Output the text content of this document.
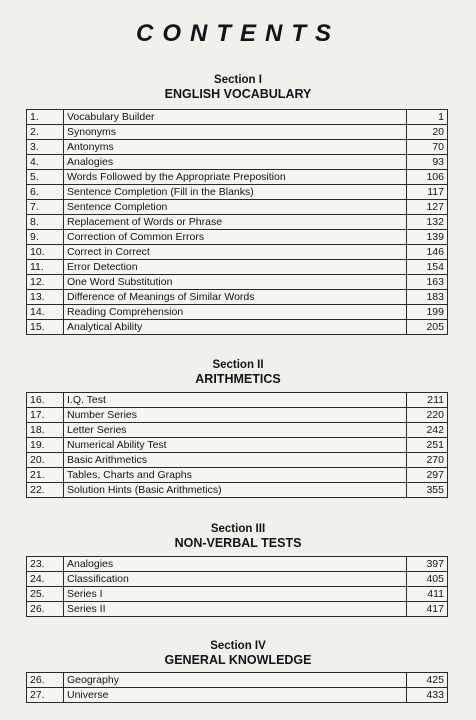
CONTENTS
Section I
ENGLISH VOCABULARY
1.	Vocabulary Builder	1
2.	Synonyms	20
3.	Antonyms	70
4.	Analogies	93
5.	Words Followed by the Appropriate Preposition	106
6.	Sentence Completion (Fill in the Blanks)	117
7.	Sentence Completion	127
8.	Replacement of Words or Phrase	132
9.	Correction of Common Errors	139
10.	Correct in Correct	146
11.	Error Detection	154
12.	One Word Substitution	163
13.	Difference of Meanings of Similar Words	183
14.	Reading Comprehension	199
15.	Analytical Ability	205
Section II
ARITHMETICS
16.	I.Q. Test	211
17.	Number Series	220
18.	Letter Series	242
19.	Numerical Ability Test	251
20.	Basic Arithmetics	270
21.	Tables, Charts and Graphs	297
22.	Solution Hints (Basic Arithmetics)	355
Section III
NON-VERBAL TESTS
23.	Analogies	397
24.	Classification	405
25.	Series I	411
26.	Series II	417
Section IV
GENERAL KNOWLEDGE
26.	Geography	425
27.	Universe	433
